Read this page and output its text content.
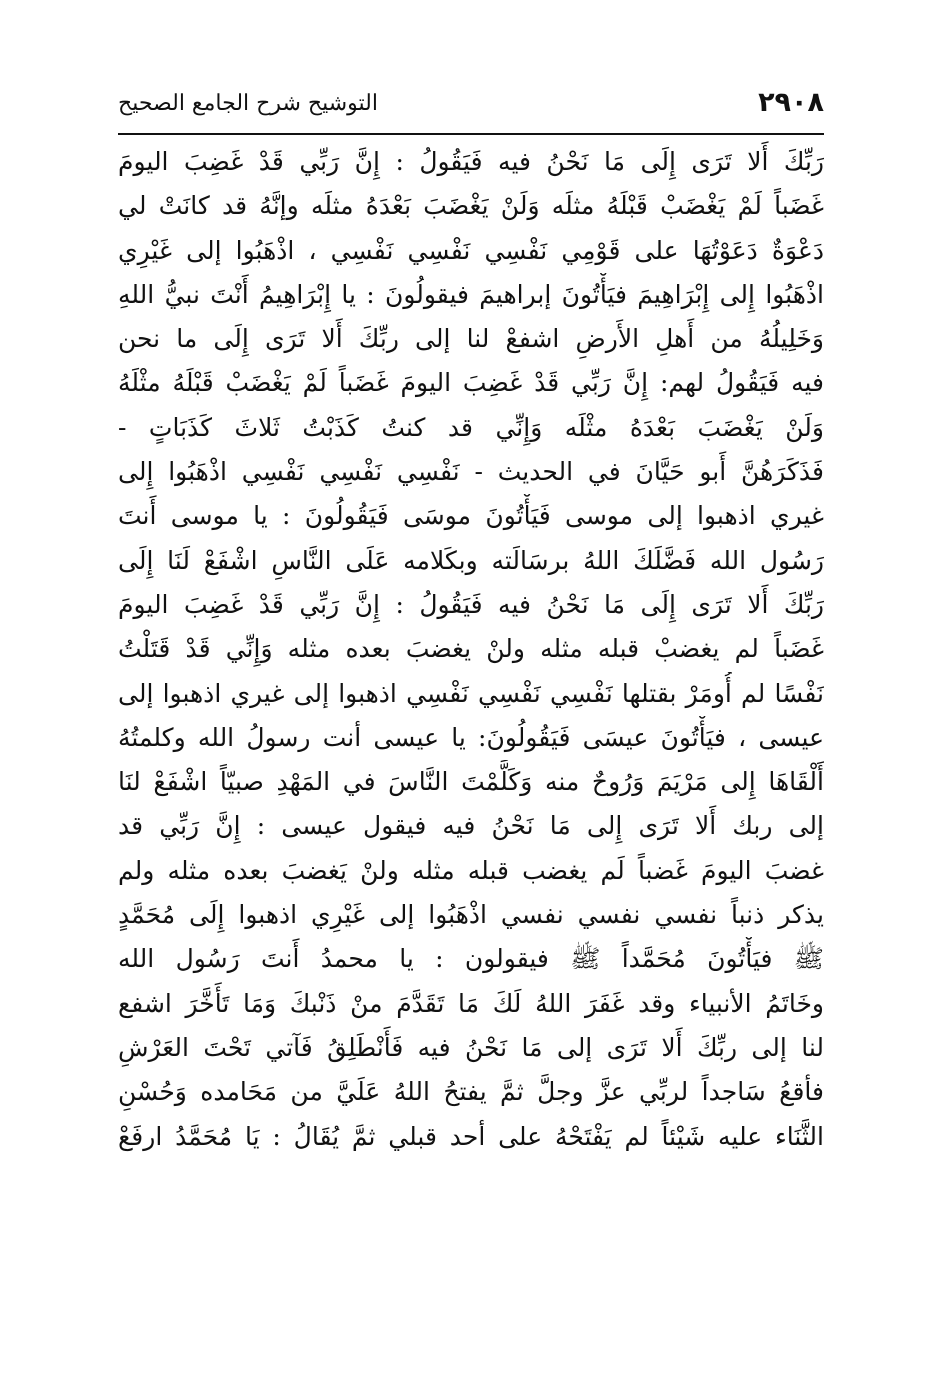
٢٩٠٨
التوشيح شرح الجامع الصحيح
رَبِّكَ أَلا تَرَى إِلَى مَا نَحْنُ فيه فَيَقُولُ : إِنَّ رَبِّي قَدْ غَضِبَ اليومَ
غَضَباً لَمْ يَغْضَبْ قَبْلَهُ مثلَه وَلَنْ يَغْضَبَ بَعْدَهُ مثلَه وإنَّهُ قد كانَتْ لي
دَعْوَةٌ دَعَوْتُهَا على قَوْمِي نَفْسِي نَفْسِي نَفْسِي ، اذْهَبُوا إلى غَيْرِي
اذْهَبُوا إِلى إِبْرَاهِيمَ فيَأْتُونَ إبراهيمَ فيقولُونَ : يا إِبْرَاهِيمُ أَنْتَ نبيُّ اللهِ
وَخَلِيلُهُ من أَهلِ الأَرضِ اشفعْ لنا إلى ربِّكَ أَلا تَرَى إِلَى ما نحن
فيه فَيَقُولُ لهم: إِنَّ رَبِّي قَدْ غَضِبَ اليومَ غَضَباً لَمْ يَغْضَبْ قَبْلَهُ مثْلَهُ
وَلَنْ يَغْضَبَ بَعْدَهُ مثْلَه وَإِنِّي قد كنتُ كَذَبْتُ ثَلاثَ كَذَبَاتٍ -
فَذَكَرَهُنَّ أَبو حَيَّانَ في الحديث - نَفْسِي نَفْسِي نَفْسِي اذْهَبُوا إِلى
غيري اذهبوا إلى موسى فَيَأْتُونَ موسَى فَيَقُولُونَ : يا موسى أَنتَ
رَسُول الله فَضَّلَكَ اللهُ برسَالَته وبكَلامه عَلَى النَّاسِ اشْفَعْ لَنَا إِلَى
رَبِّكَ أَلا تَرَى إِلَى مَا نَحْنُ فيه فَيَقُولُ : إِنَّ رَبِّي قَدْ غَضِبَ اليومَ
غَضَباً لم يغضبْ قبله مثله ولنْ يغضبَ بعده مثله وَإِنِّي قَدْ قَتَلْتُ
نَفْسًا لم أُومَرْ بقتلها نَفْسِي نَفْسِي نَفْسِي اذهبوا إلى غيري اذهبوا إلى
عيسى ، فيَأْتُونَ عيسَى فَيَقُولُونَ: يا عيسى أنت رسولُ الله وكلمتُهُ
أَلْقَاهَا إِلى مَرْيَمَ وَرُوحٌ منه وَكَلَّمْتَ النَّاسَ في المَهْدِ صبيّاً اشْفَعْ لنَا
إلى ربك أَلا تَرَى إِلى مَا نَحْنُ فيه فيقول عيسى : إِنَّ رَبِّي قد
غضبَ اليومَ غَضباً لَم يغضب قبله مثله ولنْ يَغضبَ بعده مثله ولم
يذكر ذنباً نفسي نفسي نفسي اذْهَبُوا إلى غَيْرِي اذهبوا إِلَى مُحَمَّدٍ
ﷺ فيَأْتُونَ مُحَمَّداً ﷺ فيقولون : يا محمدُ أَنتَ رَسُول الله
وخَاتَمُ الأنبياء وقد غَفَرَ اللهُ لَكَ مَا تَقَدَّمَ منْ ذَنْبكَ وَمَا تَأَخَّرَ اشفع
لنا إلى ربِّكَ أَلا تَرَى إلى مَا نَحْنُ فيه فَأَنْطَلِقُ فَآتي تَحْتَ العَرْشِ
فأقعُ سَاجداً لربِّي عزَّ وجلَّ ثمَّ يفتحُ اللهُ عَلَيَّ من مَحَامده وَحُسْنِ
الثَّنَاء عليه شَيْئاً لم يَفْتَحْهُ على أحد قبلي ثمَّ يُقَالُ : يَا مُحَمَّدُ ارفَعْ
